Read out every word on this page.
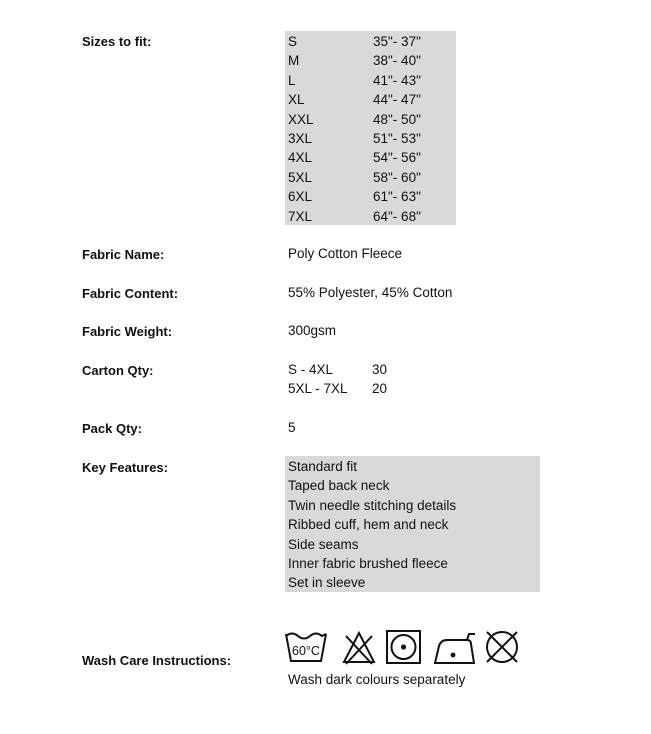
Sizes to fit:	S	35"- 37"
M	38"- 40"
L	41"- 43"
XL	44"- 47"
XXL	48"- 50"
3XL	51"- 53"
4XL	54"- 56"
5XL	58"- 60"
6XL	61"- 63"
7XL	64"- 68"
Fabric Name:	Poly Cotton Fleece
Fabric Content:	55% Polyester, 45% Cotton
Fabric Weight:	300gsm
Carton Qty:	S - 4XL	30
5XL - 7XL 20
Pack Qty:	5
Key Features:	Standard fit
Taped back neck
Twin needle stitching details
Ribbed cuff, hem and neck
Side seams
Inner fabric brushed fleece
Set in sleeve
Wash Care Instructions:
60°C
Wash dark colours separately
